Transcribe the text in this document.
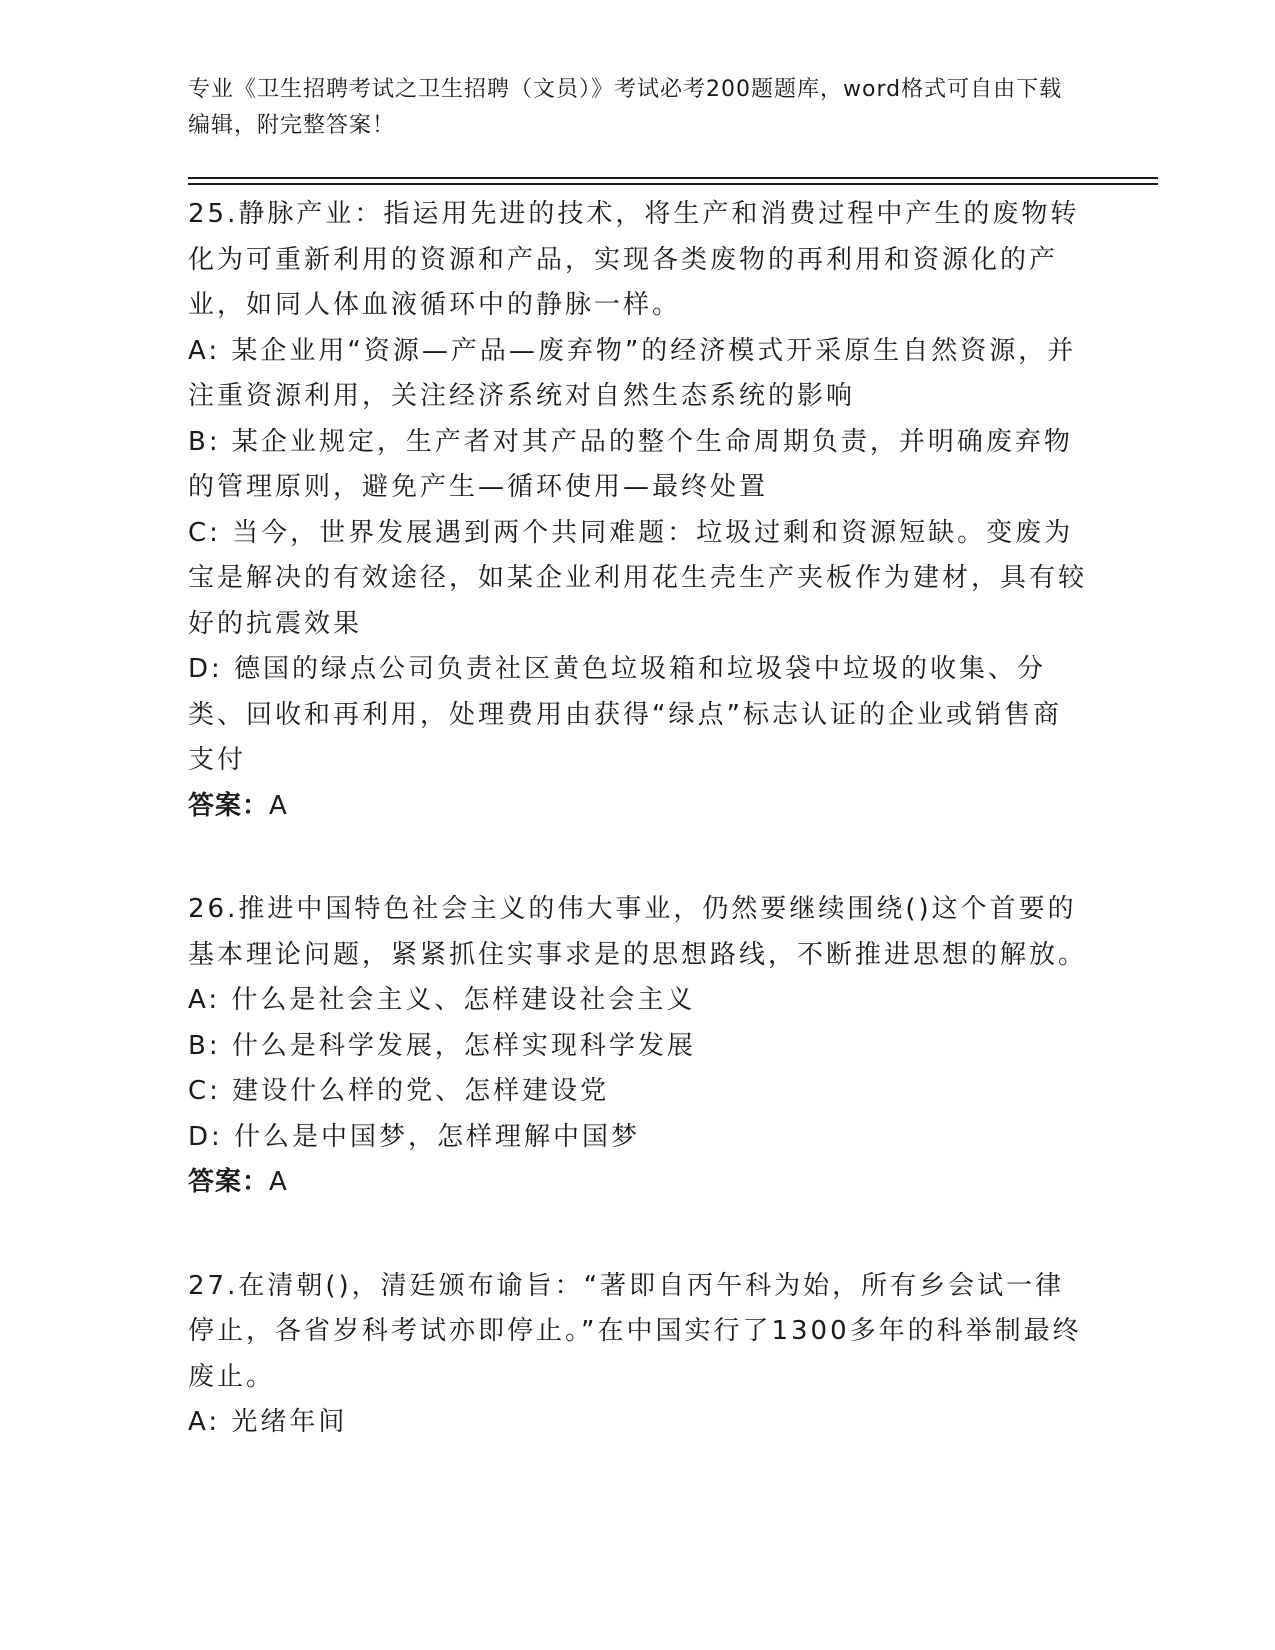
专业《卫生招聘考试之卫生招聘（文员）》考试必考200题题库，word格式可自由下载编辑，附完整答案！

25.静脉产业：指运用先进的技术，将生产和消费过程中产生的废物转化为可重新利用的资源和产品，实现各类废物的再利用和资源化的产业，如同人体血液循环中的静脉一样。

A: 某企业用“资源—产品—废弃物”的经济模式开采原生自然资源，并注重资源利用，关注经济系统对自然生态系统的影响

B: 某企业规定，生产者对其产品的整个生命周期负责，并明确废弃物的管理原则，避免产生—循环使用—最终处置

C: 当今，世界发展遇到两个共同难题：垃圾过剩和资源短缺。变废为宝是解决的有效途径，如某企业利用花生壳生产夹板作为建材，具有较好的抗震效果

D: 德国的绿点公司负责社区黄色垃圾箱和垃圾袋中垃圾的收集、分类、回收和再利用，处理费用由获得“绿点”标志认证的企业或销售商支付

答案：A

26.推进中国特色社会主义的伟大事业，仍然要继续围绕()这个首要的基本理论问题，紧紧抓住实事求是的思想路线，不断推进思想的解放。

A: 什么是社会主义、怎样建设社会主义

B: 什么是科学发展，怎样实现科学发展

C: 建设什么样的党、怎样建设党

D: 什么是中国梦，怎样理解中国梦

答案：A

27.在清朝()，清廷颁布谕旨：“著即自丙午科为始，所有乡会试一律停止，各省岁科考试亦即停止。”在中国实行了1300多年的科举制最终废止。

A: 光绪年间
